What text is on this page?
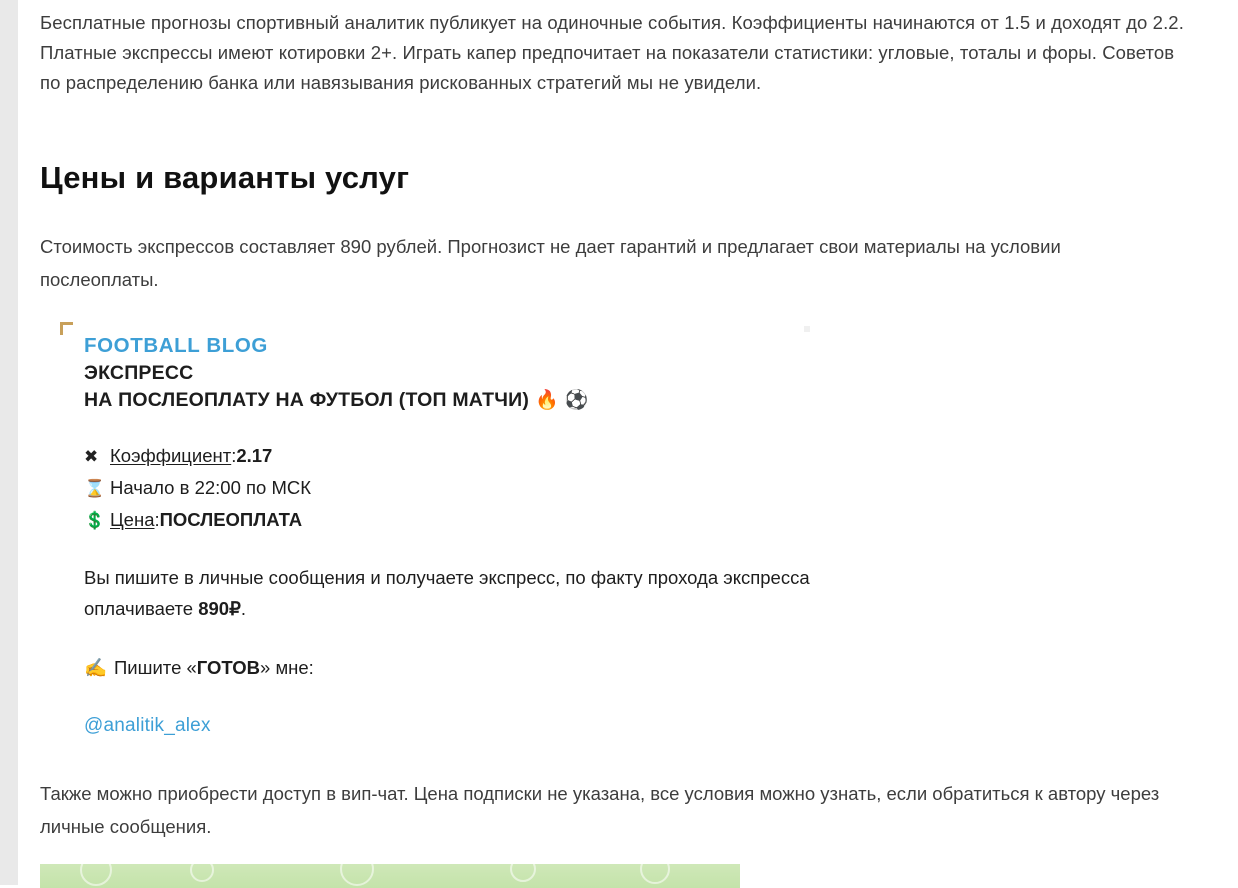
Бесплатные прогнозы спортивный аналитик публикует на одиночные события. Коэффициенты начинаются от 1.5 и доходят до 2.2. Платные экспрессы имеют котировки 2+. Играть капер предпочитает на показатели статистики: угловые, тоталы и форы. Советов по распределению банка или навязывания рискованных стратегий мы не увидели.

Цены и варианты услуг

Стоимость экспрессов составляет 890 рублей. Прогнозист не дает гарантий и предлагает свои материалы на условии послеоплаты.

FOOTBALL BLOG
ЭКСПРЕСС
НА ПОСЛЕОПЛАТУ НА ФУТБОЛ (ТОП МАТЧИ) 🔥 ⚽
✖ Коэффициент : 2.17
⌛ Начало в 22:00 по МСК
💲 Цена : ПОСЛЕОПЛАТА
Вы пишите в личные сообщения и получаете экспресс, по факту прохода экспресса оплачиваете 890₽.
✍ Пишите « ГОТОВ » мне:
@analitik_alex

Также можно приобрести доступ в вип-чат. Цена подписки не указана, все условия можно узнать, если обратиться к автору через личные сообщения.
